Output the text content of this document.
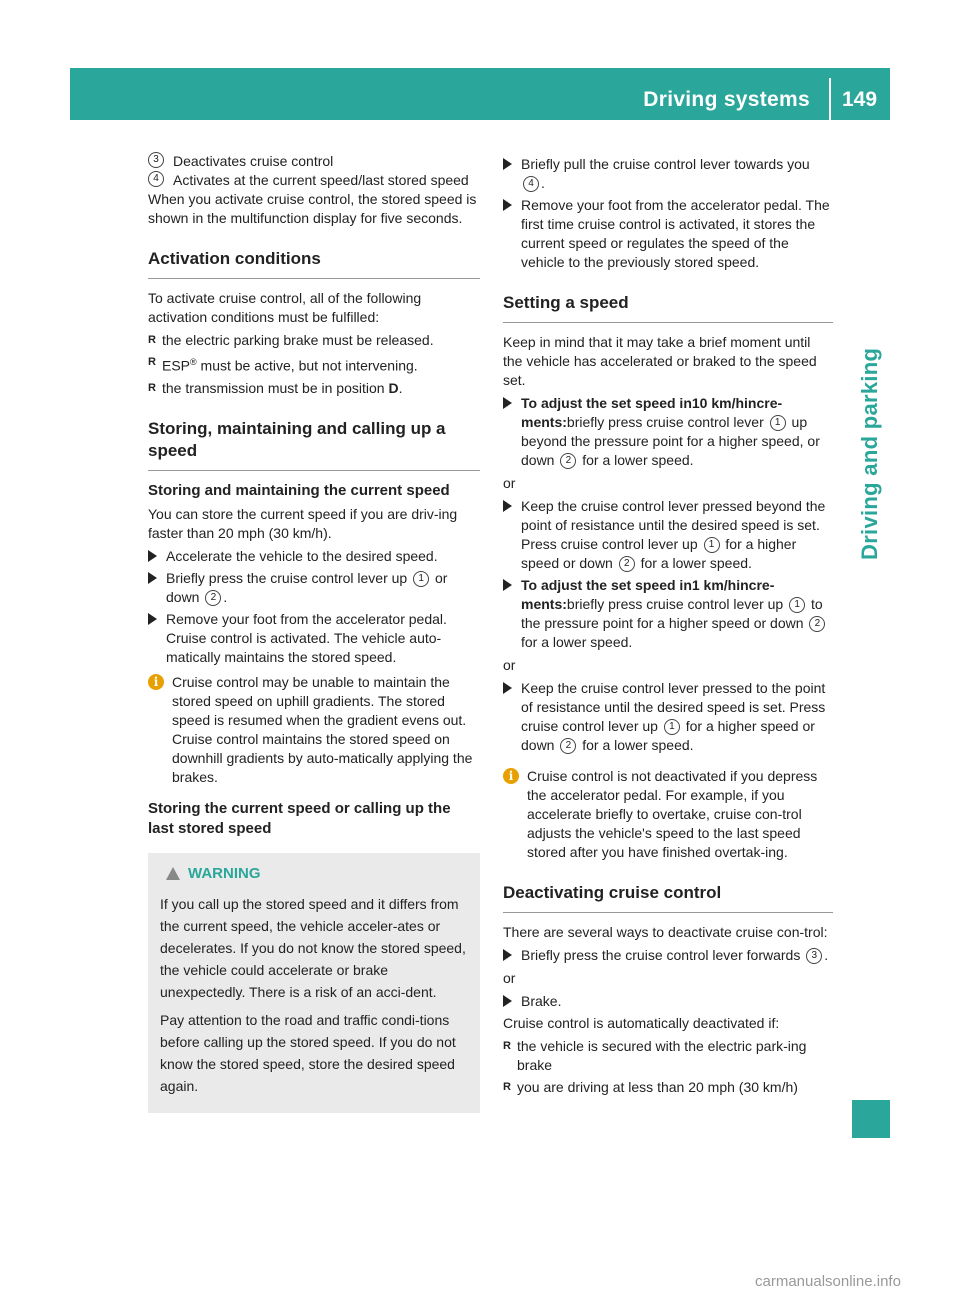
Driving systems 149
Driving and parking
3	Deactivates cruise control
4	Activates at the current speed/last stored speed

When you activate cruise control, the stored speed is shown in the multifunction display for five seconds.

Activation conditions

To activate cruise control, all of the following activation conditions must be fulfilled:

R the electric parking brake must be released.
R ESP® must be active, but not intervening.
R the transmission must be in position D.
Storing, maintaining and calling up a speed
Storing and maintaining the current speed

You can store the current speed if you are driv-ing faster than 20 mph (30 km/h).

Accelerate the vehicle to the desired speed.
Briefly press the cruise control lever up 1 or down 2 .
Remove your foot from the accelerator pedal. Cruise control is activated. The vehicle auto-matically maintains the stored speed.
i Cruise control may be unable to maintain the stored speed on uphill gradients. The stored speed is resumed when the gradient evens out. Cruise control maintains the stored speed on downhill gradients by auto-matically applying the brakes.
Storing the current speed or calling up the last stored speed
WARNING

If you call up the stored speed and it differs from the current speed, the vehicle acceler-ates or decelerates. If you do not know the stored speed, the vehicle could accelerate or brake unexpectedly. There is a risk of an acci-dent.

Pay attention to the road and traffic condi-tions before calling up the stored speed. If you do not know the stored speed, store the desired speed again.

Briefly pull the cruise control lever towards you 4 .
Remove your foot from the accelerator pedal. The first time cruise control is activated, it stores the current speed or regulates the speed of the vehicle to the previously stored speed.
Setting a speed

Keep in mind that it may take a brief moment until the vehicle has accelerated or braked to the speed set.

To adjust the set speed in10 km/hincre-ments:briefly press cruise control lever 1 up beyond the pressure point for a higher speed, or down 2 for a lower speed.
or
Keep the cruise control lever pressed beyond the point of resistance until the desired speed is set. Press cruise control lever up 1 for a higher speed or down 2 for a lower speed.
To adjust the set speed in1 km/hincre-ments:briefly press cruise control lever up 1 to the pressure point for a higher speed or down 2 for a lower speed.
or
Keep the cruise control lever pressed to the point of resistance until the desired speed is set. Press cruise control lever up 1 for a higher speed or down 2 for a lower speed.
i Cruise control is not deactivated if you depress the accelerator pedal. For example, if you accelerate briefly to overtake, cruise con-trol adjusts the vehicle's speed to the last speed stored after you have finished overtak-ing.
Deactivating cruise control

There are several ways to deactivate cruise con-trol:

Briefly press the cruise control lever forwards 3 .
or
Brake.

Cruise control is automatically deactivated if:

R the vehicle is secured with the electric park-ing brake
R you are driving at less than 20 mph (30 km/h)
carmanualsonline.info
